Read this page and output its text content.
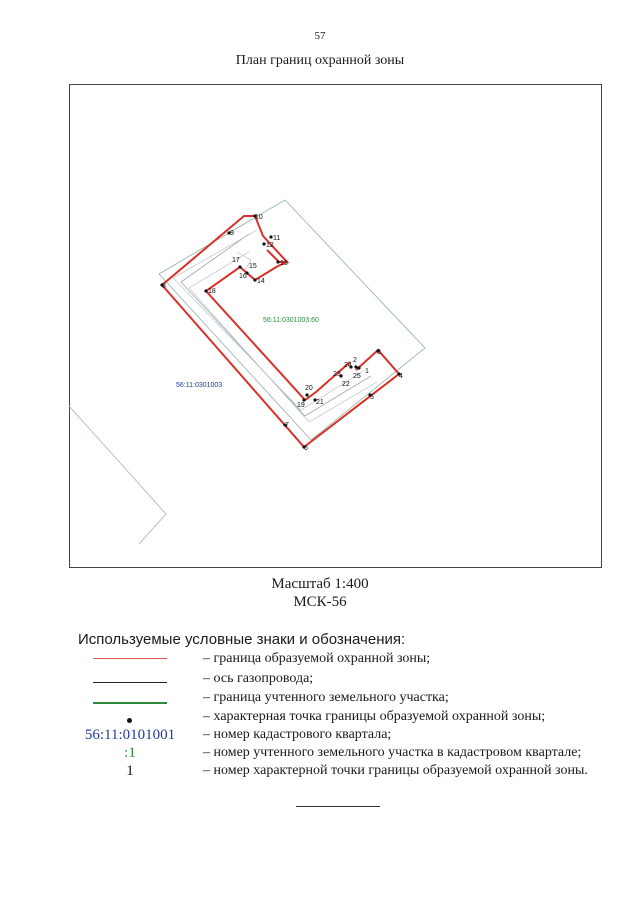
57
План границ охранной зоны
1
2
3
4
5
6
7
8
9
10
11
12
13
14
15
16
17
18
19
20
21
22
23
24
25
56:11:0301003:60
56:11:0301003
Масштаб 1:400
МСК-56
Используемые условные знаки и обозначения:
– граница образуемой охранной зоны;
– ось газопровода;
– граница учтенного земельного участка;
– характерная точка границы образуемой охранной зоны;
56:11:0101001	– номер кадастрового квартала;
:1	– номер учтенного земельного участка в кадастровом квартале;
1	– номер характерной точки границы образуемой охранной зоны.
